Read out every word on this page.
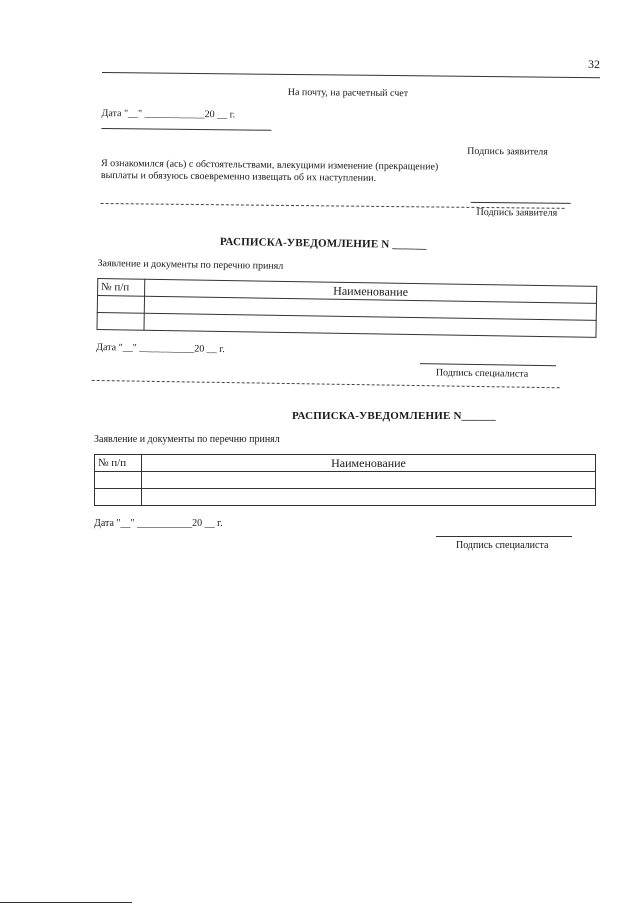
32
На почту, на расчетный счет
Дата "__" ____________20 __ г.
Подпись заявителя
Я ознакомился (ась) с обстоятельствами, влекущими изменение (прекращение)
выплаты и обязуюсь своевременно извещать об их наступлении.
Подпись заявителя
РАСПИСКА-УВЕДОМЛЕНИЕ N ______
Заявление и документы по перечню принял
№ п/п	Наименование

Дата "__" ___________20 __ г.
Подпись специалиста
РАСПИСКА-УВЕДОМЛЕНИЕ N______
Заявление и документы по перечню принял
№ п/п	Наименование

Дата "__" ___________20 __ г.
Подпись специалиста
